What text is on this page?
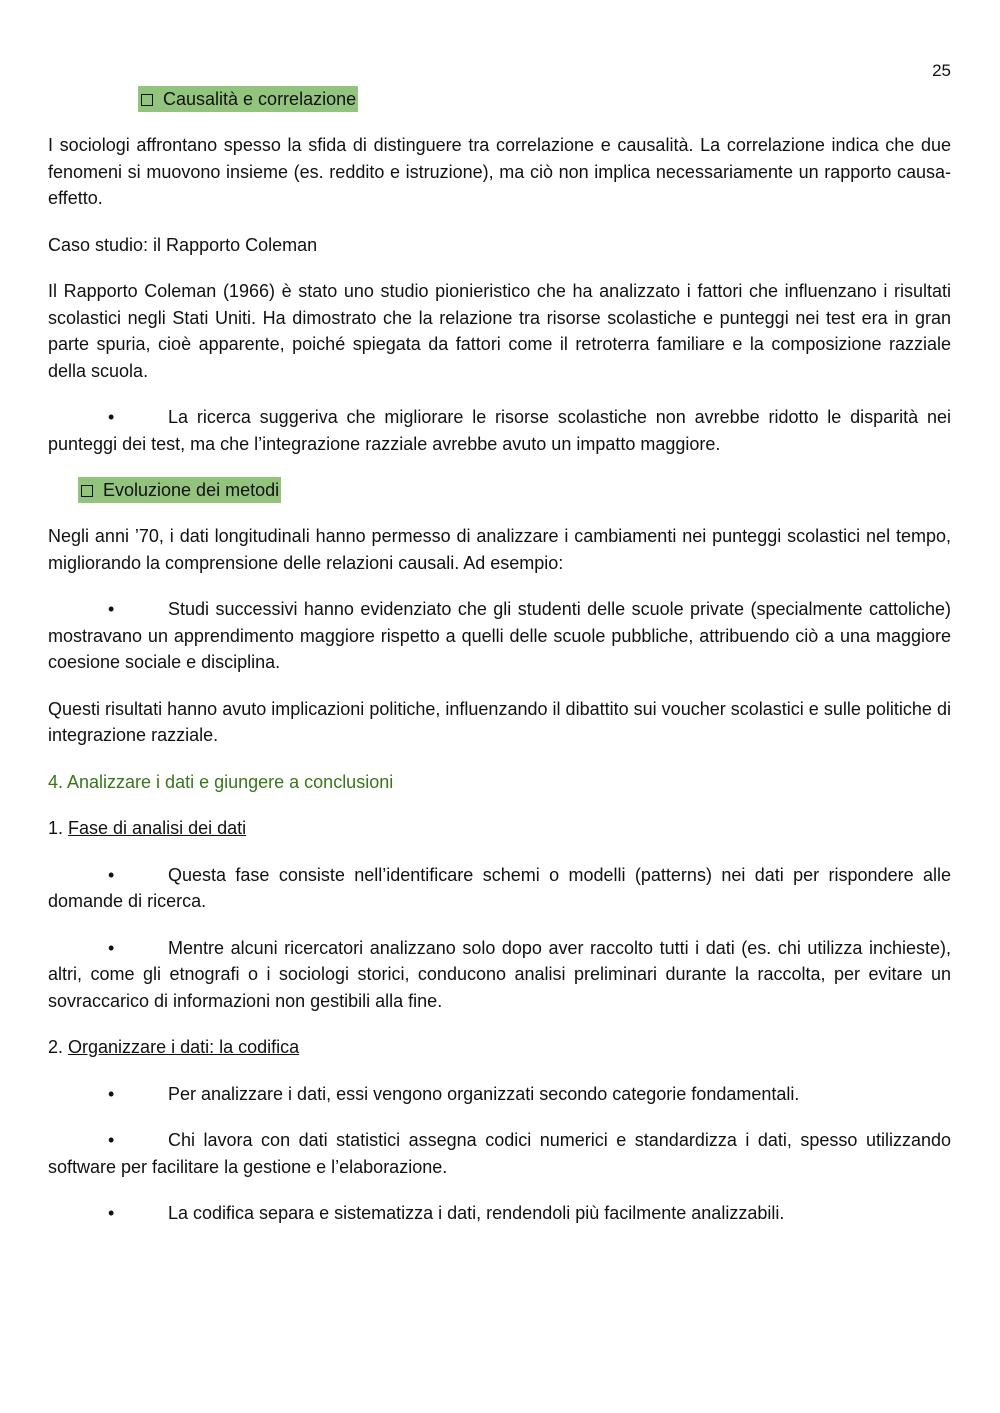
25
Causalità e correlazione

I sociologi affrontano spesso la sfida di distinguere tra correlazione e causalità. La correlazione indica che due fenomeni si muovono insieme (es. reddito e istruzione), ma ciò non implica necessariamente un rapporto causa-effetto.

Caso studio: il Rapporto Coleman

Il Rapporto Coleman (1966) è stato uno studio pionieristico che ha analizzato i fattori che influenzano i risultati scolastici negli Stati Uniti. Ha dimostrato che la relazione tra risorse scolastiche e punteggi nei test era in gran parte spuria, cioè apparente, poiché spiegata da fattori come il retroterra familiare e la composizione razziale della scuola.

•	La ricerca suggeriva che migliorare le risorse scolastiche non avrebbe ridotto le disparità nei punteggi dei test, ma che l’integrazione razziale avrebbe avuto un impatto maggiore.

Evoluzione dei metodi

Negli anni ’70, i dati longitudinali hanno permesso di analizzare i cambiamenti nei punteggi scolastici nel tempo, migliorando la comprensione delle relazioni causali. Ad esempio:

•	Studi successivi hanno evidenziato che gli studenti delle scuole private (specialmente cattoliche) mostravano un apprendimento maggiore rispetto a quelli delle scuole pubbliche, attribuendo ciò a una maggiore coesione sociale e disciplina.

Questi risultati hanno avuto implicazioni politiche, influenzando il dibattito sui voucher scolastici e sulle politiche di integrazione razziale.

4. Analizzare i dati e giungere a conclusioni

1. Fase di analisi dei dati

•	Questa fase consiste nell’identificare schemi o modelli (patterns) nei dati per rispondere alle domande di ricerca.

•	Mentre alcuni ricercatori analizzano solo dopo aver raccolto tutti i dati (es. chi utilizza inchieste), altri, come gli etnografi o i sociologi storici, conducono analisi preliminari durante la raccolta, per evitare un sovraccarico di informazioni non gestibili alla fine.

2. Organizzare i dati: la codifica

•	Per analizzare i dati, essi vengono organizzati secondo categorie fondamentali.

•	Chi lavora con dati statistici assegna codici numerici e standardizza i dati, spesso utilizzando software per facilitare la gestione e l’elaborazione.

•	La codifica separa e sistematizza i dati, rendendoli più facilmente analizzabili.
